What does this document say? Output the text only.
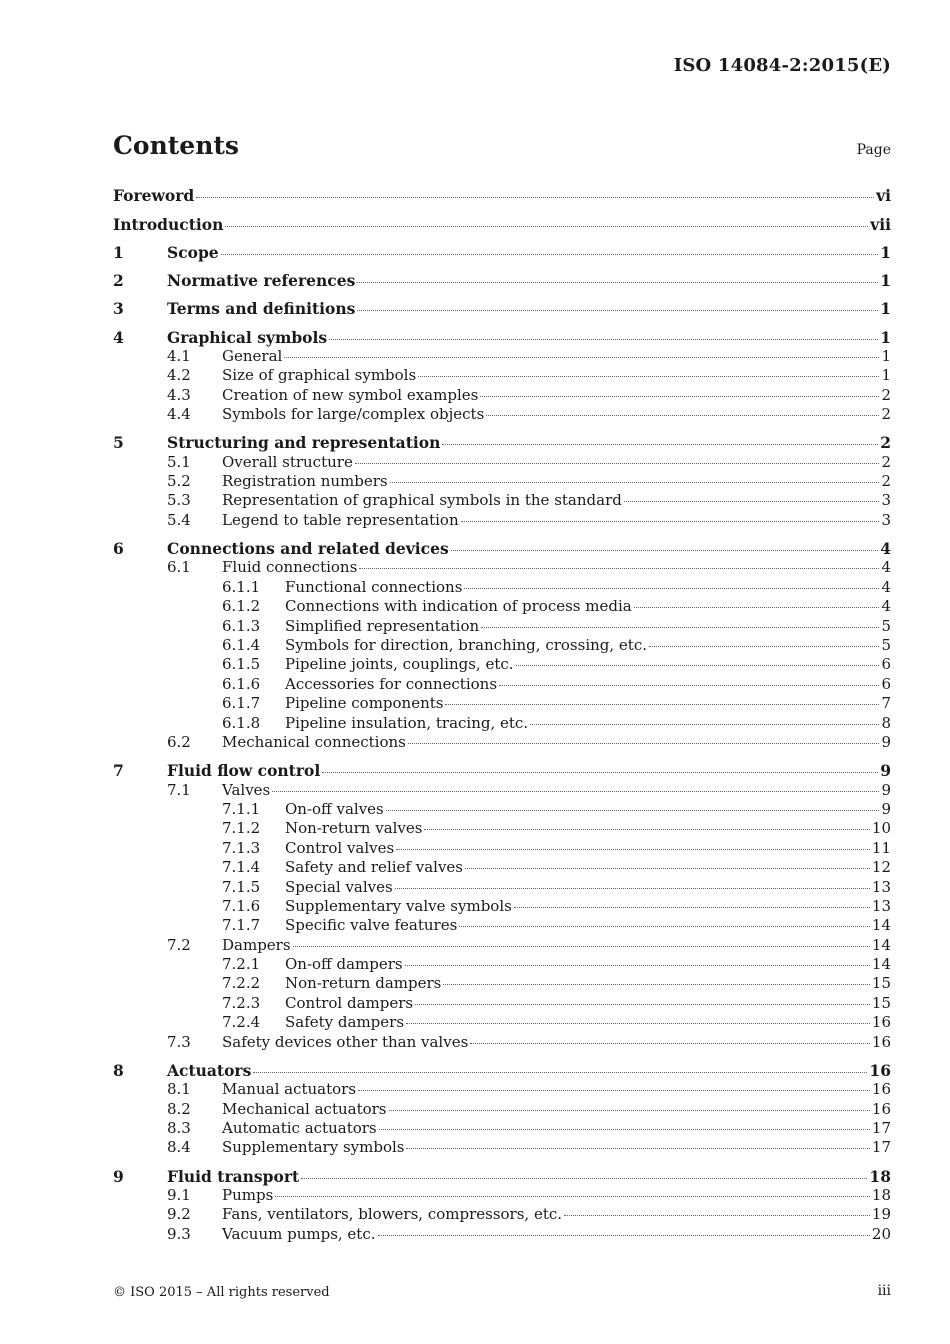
ISO 14084-2:2015(E)
Contents	Page
Foreword	vi
Introduction	vii
1	Scope	1
2	Normative references	1
3	Terms and definitions	1
4	Graphical symbols	1
4.1	General	1
4.2	Size of graphical symbols	1
4.3	Creation of new symbol examples	2
4.4	Symbols for large/complex objects	2
5	Structuring and representation	2
5.1	Overall structure	2
5.2	Registration numbers	2
5.3	Representation of graphical symbols in the standard	3
5.4	Legend to table representation	3
6	Connections and related devices	4
6.1	Fluid connections	4
6.1.1	Functional connections	4
6.1.2	Connections with indication of process media	4
6.1.3	Simplified representation	5
6.1.4	Symbols for direction, branching, crossing, etc.	5
6.1.5	Pipeline joints, couplings, etc.	6
6.1.6	Accessories for connections	6
6.1.7	Pipeline components	7
6.1.8	Pipeline insulation, tracing, etc.	8
6.2	Mechanical connections	9
7	Fluid flow control	9
7.1	Valves	9
7.1.1	On-off valves	9
7.1.2	Non-return valves	10
7.1.3	Control valves	11
7.1.4	Safety and relief valves	12
7.1.5	Special valves	13
7.1.6	Supplementary valve symbols	13
7.1.7	Specific valve features	14
7.2	Dampers	14
7.2.1	On-off dampers	14
7.2.2	Non-return dampers	15
7.2.3	Control dampers	15
7.2.4	Safety dampers	16
7.3	Safety devices other than valves	16
8	Actuators	16
8.1	Manual actuators	16
8.2	Mechanical actuators	16
8.3	Automatic actuators	17
8.4	Supplementary symbols	17
9	Fluid transport	18
9.1	Pumps	18
9.2	Fans, ventilators, blowers, compressors, etc.	19
9.3	Vacuum pumps, etc.	20
© ISO 2015 – All rights reserved	iii
